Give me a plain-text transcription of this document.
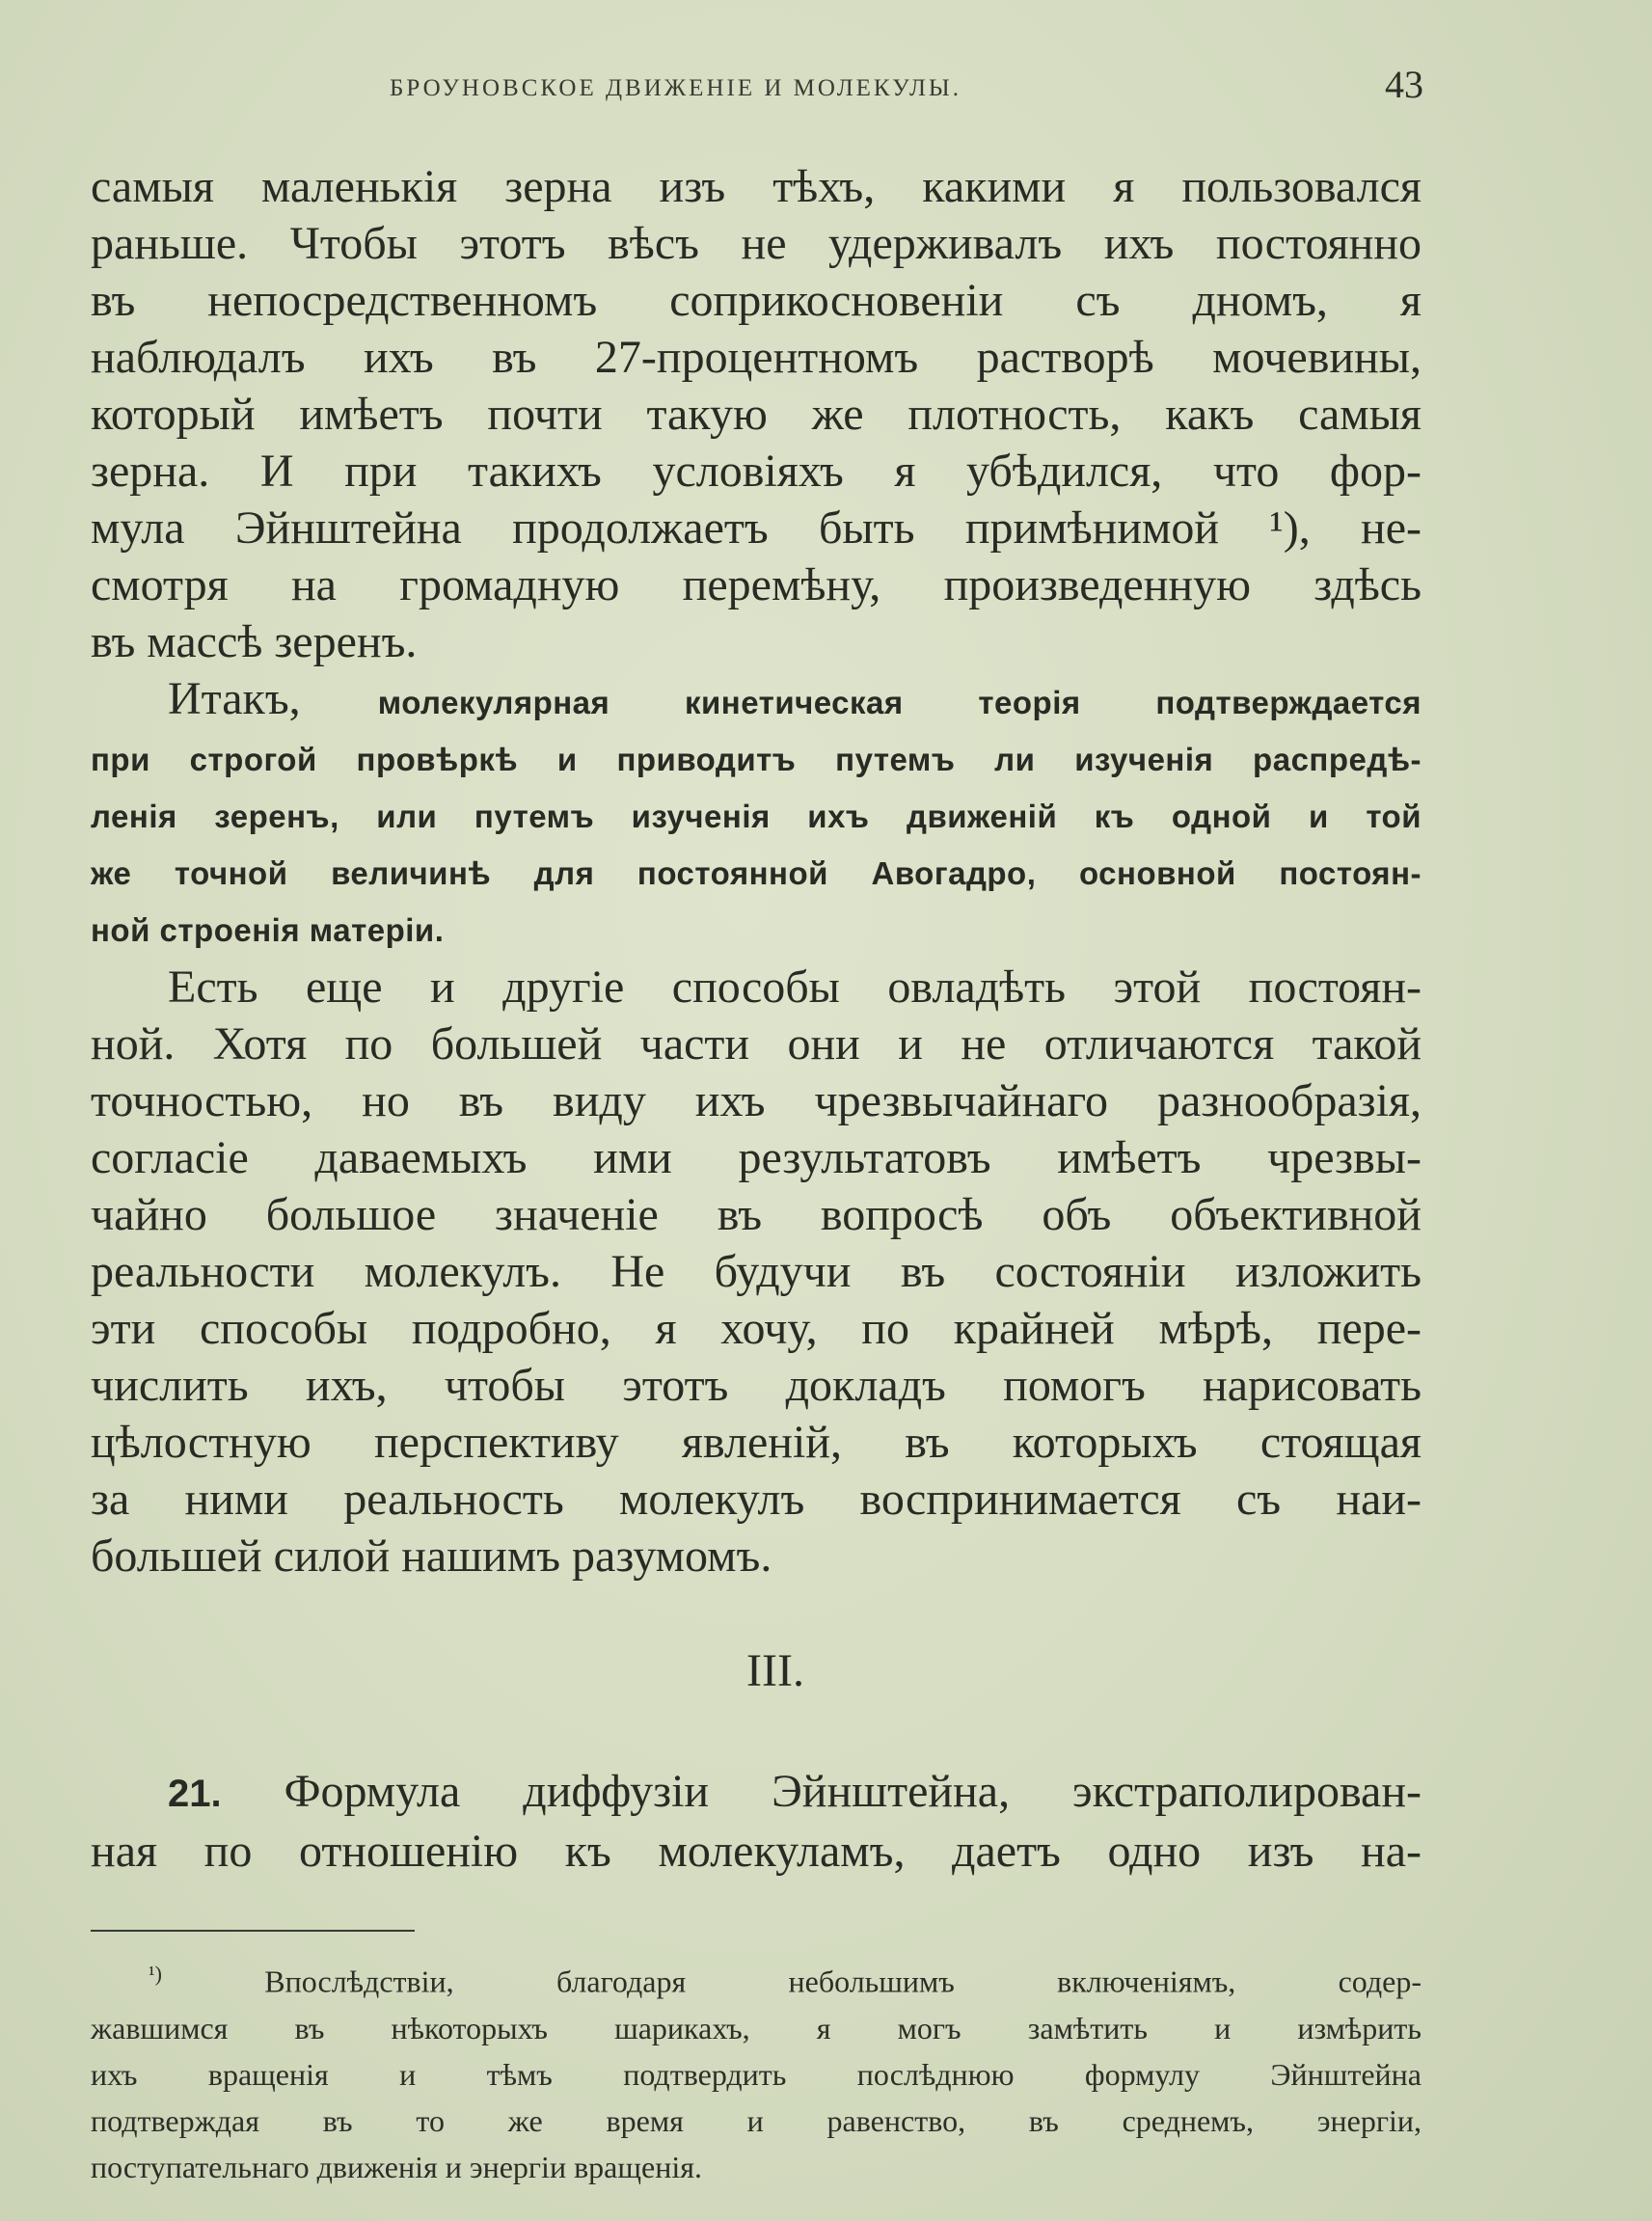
БРОУНОВСКОЕ ДВИЖЕНІЕ И МОЛЕКУЛЫ.	43

самыя маленькія зерна изъ тѣхъ, какими я пользовался
раньше. Чтобы этотъ вѣсъ не удерживалъ ихъ постоянно
въ непосредственномъ соприкосновеніи съ дномъ, я
наблюдалъ ихъ въ 27-процентномъ растворѣ мочевины,
который имѣетъ почти такую же плотность, какъ самыя
зерна. И при такихъ условіяхъ я убѣдился, что фор-
мула Эйнштейна продолжаетъ быть примѣнимой ¹), не-
смотря на громадную перемѣну, произведенную здѣсь
въ массѣ зеренъ.

Итакъ, молекулярная кинетическая теорія подтверждается
при строгой провѣркѣ и приводитъ путемъ ли изученія распредѣ-
ленія зеренъ, или путемъ изученія ихъ движеній къ одной и той
же точной величинѣ для постоянной Авогадро, основной постоян-
ной строенія матеріи.

Есть еще и другіе способы овладѣть этой постоян-
ной. Хотя по большей части они и не отличаются такой
точностью, но въ виду ихъ чрезвычайнаго разнообразія,
согласіе даваемыхъ ими результатовъ имѣетъ чрезвы-
чайно большое значеніе въ вопросѣ объ объективной
реальности молекулъ. Не будучи въ состояніи изложить
эти способы подробно, я хочу, по крайней мѣрѣ, пере-
числить ихъ, чтобы этотъ докладъ помогъ нарисовать
цѣлостную перспективу явленій, въ которыхъ стоящая
за ними реальность молекулъ воспринимается съ наи-
большей силой нашимъ разумомъ.

III.

21. Формула диффузіи Эйнштейна, экстраполирован-
ная по отношенію къ молекуламъ, даетъ одно изъ на-

$^{^1)}$	Впослѣдствіи, благодаря небольшимъ включеніямъ, содер-
жавшимся въ нѣкоторыхъ шарикахъ, я могъ замѣтить и измѣрить
ихъ вращенія и тѣмъ подтвердить послѣднюю формулу Эйнштейна
подтверждая въ то же время и равенство, въ среднемъ, энергіи,
поступательнаго движенія и энергіи вращенія.
